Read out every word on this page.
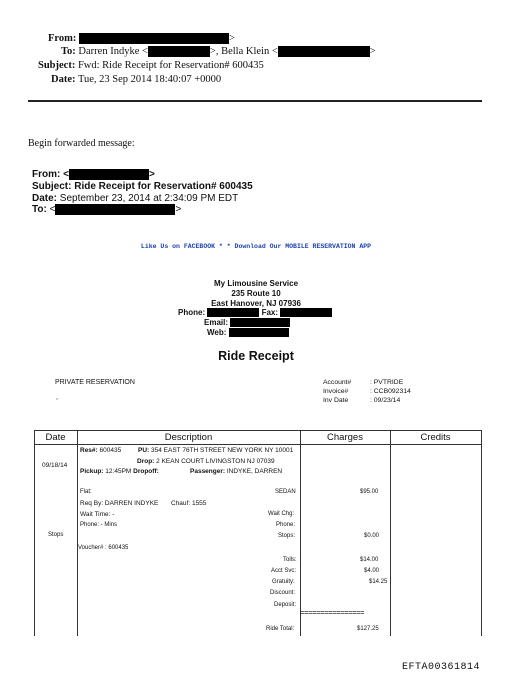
From:	>
To: Darren Indyke <	>, Bella Klein <	>
Subject: Fwd: Ride Receipt for Reservation# 600435
Date: Tue, 23 Sep 2014 18:40:07 +0000
Begin forwarded message:
From: <	>
Subject: Ride Receipt for Reservation# 600435
Date: September 23, 2014 at 2:34:09 PM EDT
To: <	>
Like Us on FACEBOOK * * Download Our MOBILE RESERVATION APP
My Limousine Service
235 Route 10
East Hanover, NJ 07936
Phone:	Fax:
Email:
Web:
Ride Receipt
PRIVATE RESERVATION
,
Account#	: PVTRIDE
Invoice#	: CCB092314
Inv Date	: 09/23/14
Date	Description	Charges	Credits
09/18/14
Res#: 600435	PU: 354 EAST 76TH STREET NEW YORK NY 10001
Drop: 2 KEAN COURT LIVINGSTON NJ 07039
Pickup: 12:45PM Dropoff:	Passenger: INDYKE, DARREN
Flat:	SEDAN	$95.00
Req By: DARREN INDYKE Chauf: 1555
Wait Time: -	Wait Chg:
Phone: - Mins	Phone:
Stops	Stops:	$0.00
Voucher# : 600435
Tolls:	$14.00
Acct Svc:	$4.00
Gratuity:	$14.25
Discount:
Deposit:
================
Ride Total:	$127.25
EFTA00361814
